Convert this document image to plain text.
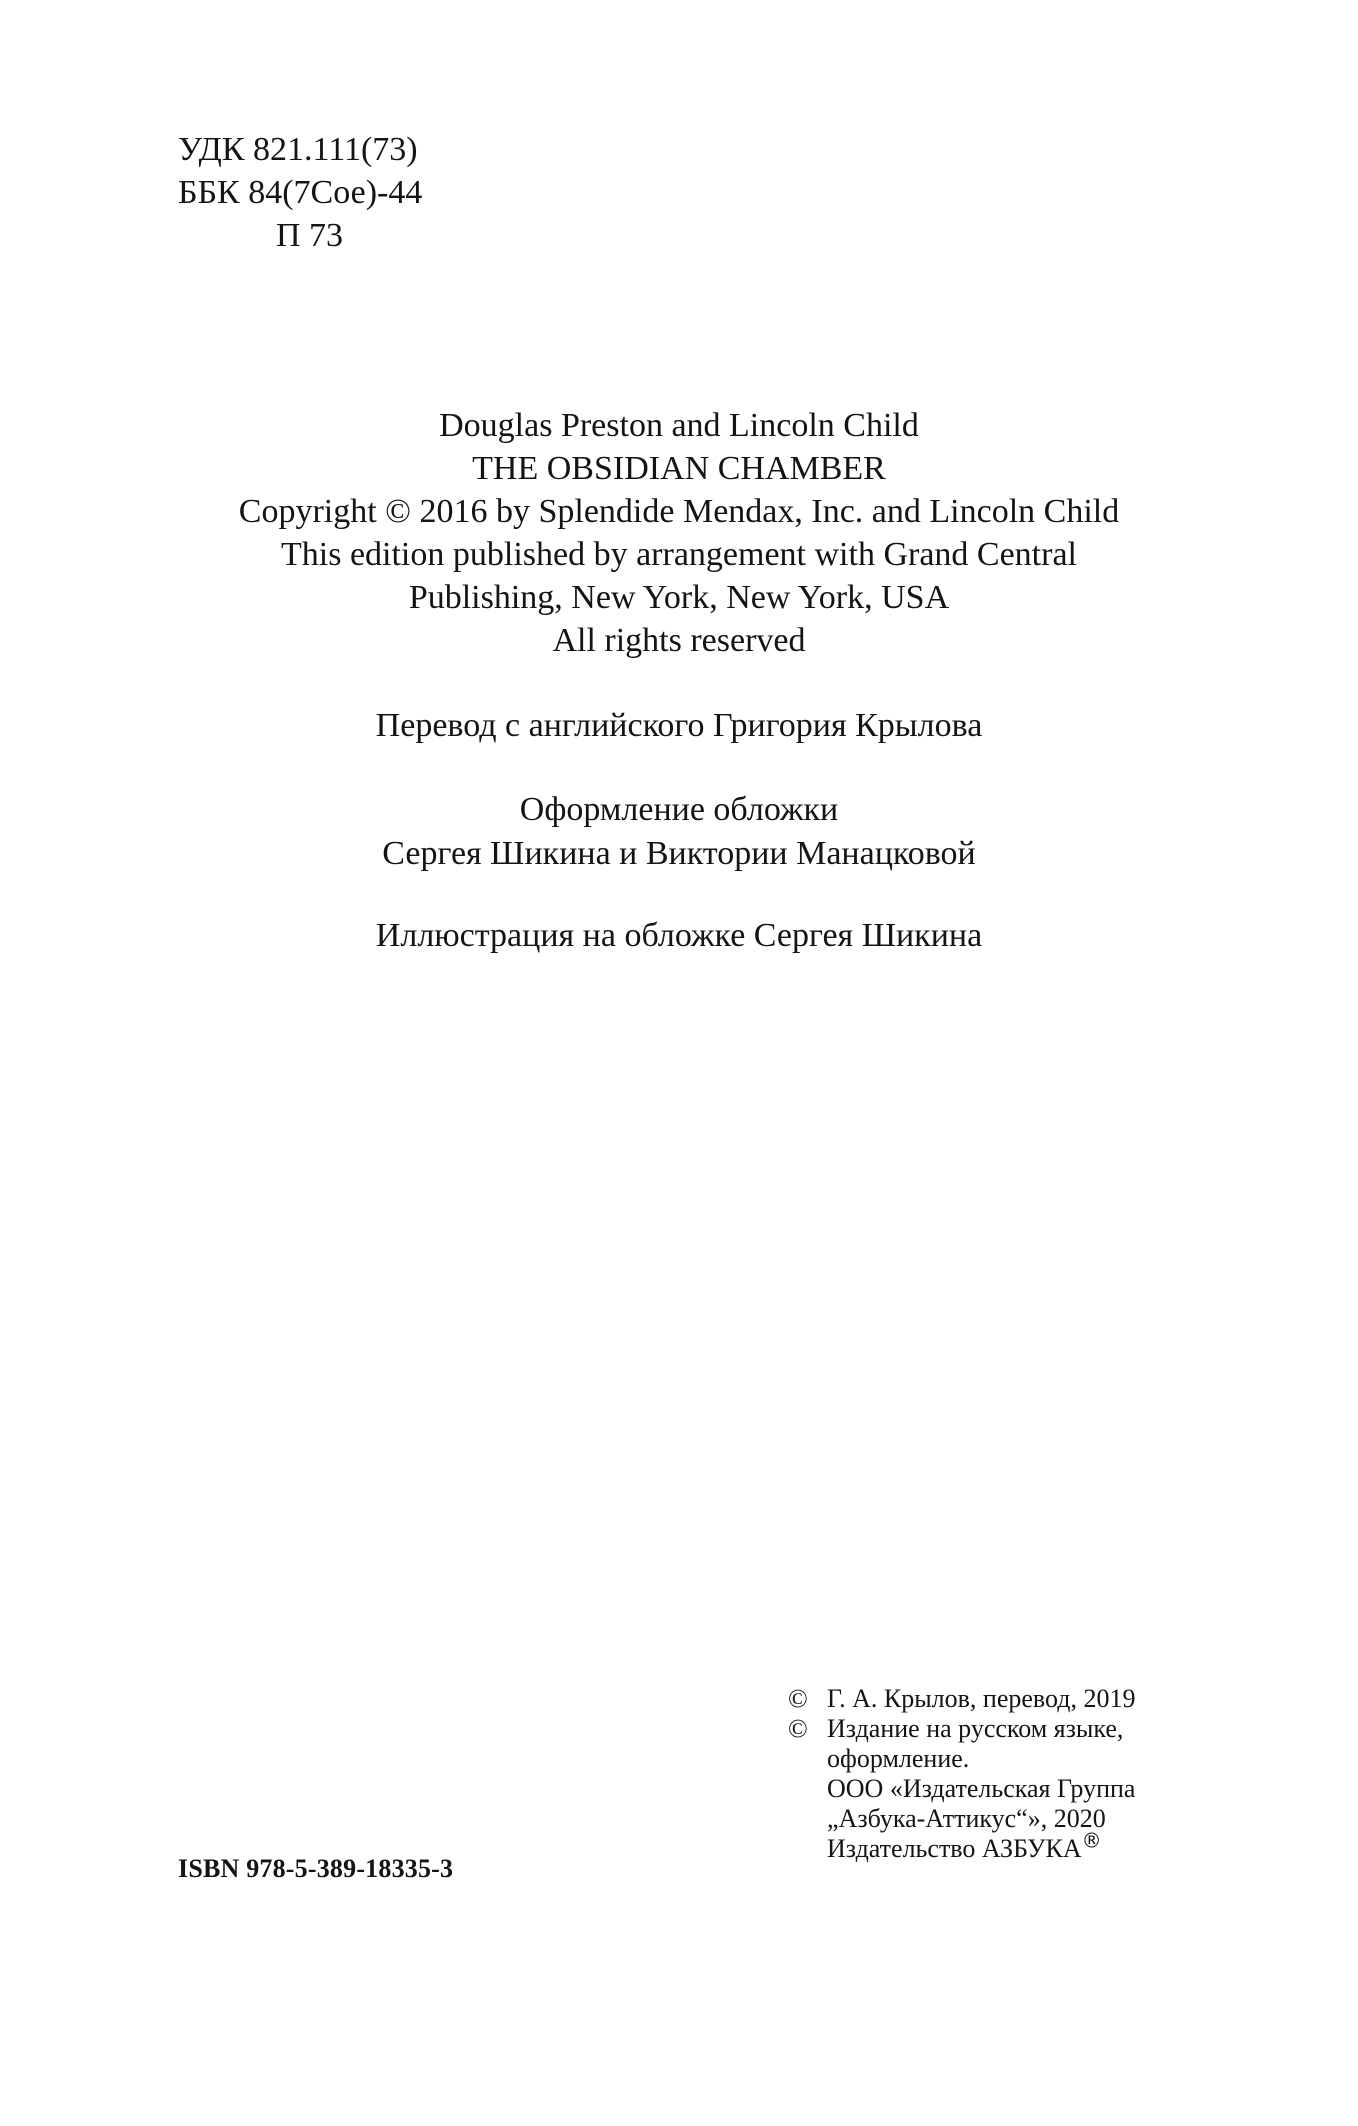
УДК 821.111(73)
ББК 84(7Сое)-44
П 73
Douglas Preston and Lincoln Child
THE OBSIDIAN CHAMBER
Copyright © 2016 by Splendide Mendax, Inc. and Lincoln Child
This edition published by arrangement with Grand Central
Publishing, New York, New York, USA
All rights reserved
Перевод с английского Григория Крылова
Оформление обложки
Сергея Шикина и Виктории Манацковой
Иллюстрация на обложке Сергея Шикина
ISBN 978-5-389-18335-3
© Г. А. Крылов, перевод, 2019
© Издание на русском языке,
оформление.
ООО «Издательская Группа
„Азбука-Аттикус“», 2020
Издательство АЗБУКА®
